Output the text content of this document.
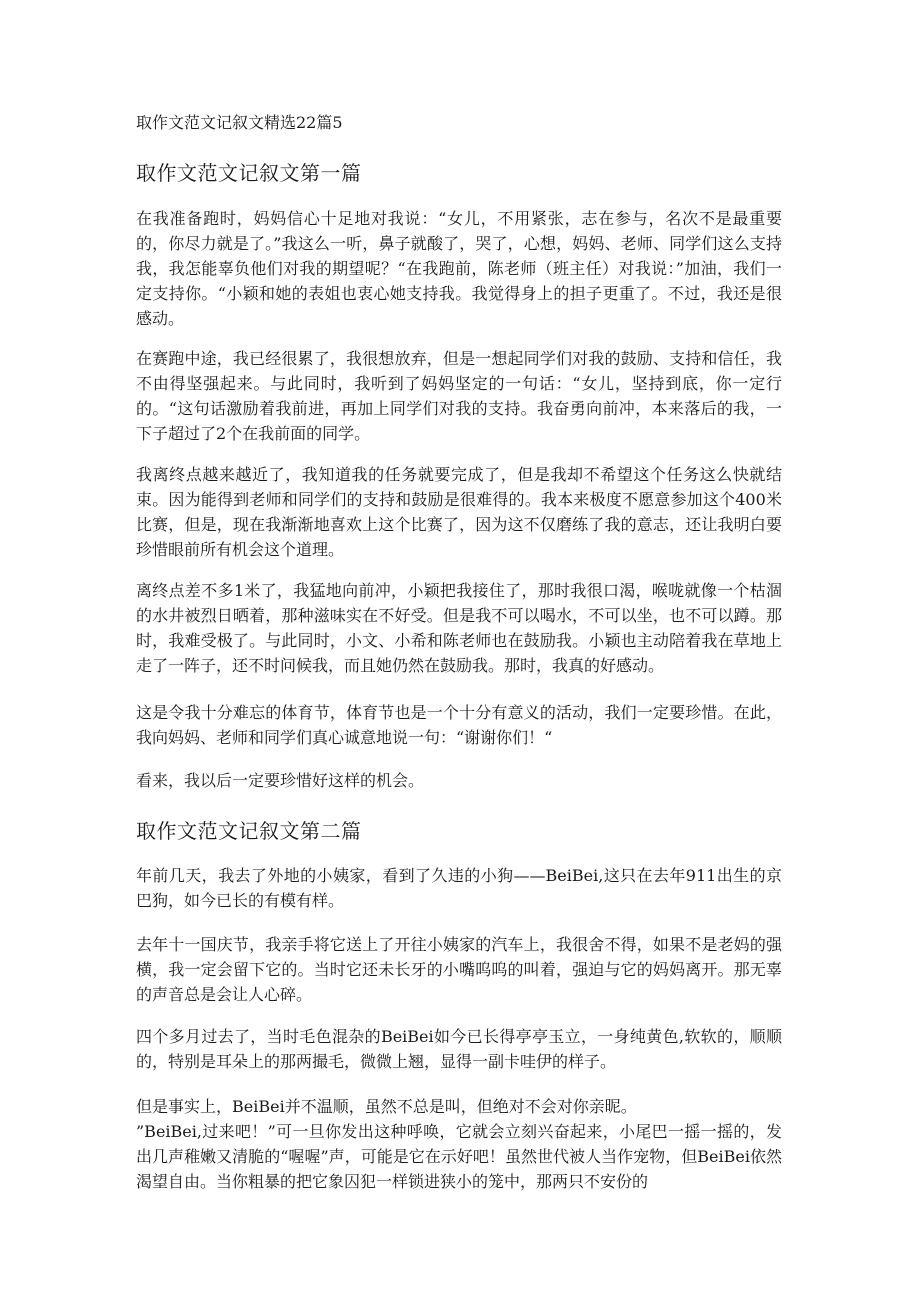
取作文范文记叙文精选22篇5

取作文范文记叙文第一篇

在我准备跑时，妈妈信心十足地对我说：“女儿，不用紧张，志在参与，名次不是最重要的，你尽力就是了。”我这么一听，鼻子就酸了，哭了，心想，妈妈、老师、同学们这么支持我，我怎能辜负他们对我的期望呢？“在我跑前，陈老师（班主任）对我说：”加油，我们一定支持你。“小颖和她的表姐也衷心她支持我。我觉得身上的担子更重了。不过，我还是很感动。

在赛跑中途，我已经很累了，我很想放弃，但是一想起同学们对我的鼓励、支持和信任，我不由得坚强起来。与此同时，我听到了妈妈坚定的一句话：“女儿，坚持到底，你一定行的。“这句话激励着我前进，再加上同学们对我的支持。我奋勇向前冲，本来落后的我，一下子超过了2个在我前面的同学。

我离终点越来越近了，我知道我的任务就要完成了，但是我却不希望这个任务这么快就结束。因为能得到老师和同学们的支持和鼓励是很难得的。我本来极度不愿意参加这个400米比赛，但是，现在我渐渐地喜欢上这个比赛了，因为这不仅磨练了我的意志，还让我明白要珍惜眼前所有机会这个道理。

离终点差不多1米了，我猛地向前冲，小颖把我接住了，那时我很口渴，喉咙就像一个枯涸的水井被烈日晒着，那种滋味实在不好受。但是我不可以喝水，不可以坐，也不可以蹲。那时，我难受极了。与此同时，小文、小希和陈老师也在鼓励我。小颖也主动陪着我在草地上走了一阵子，还不时问候我，而且她仍然在鼓励我。那时，我真的好感动。

这是令我十分难忘的体育节，体育节也是一个十分有意义的活动，我们一定要珍惜。在此，我向妈妈、老师和同学们真心诚意地说一句：“谢谢你们！“

看来，我以后一定要珍惜好这样的机会。

取作文范文记叙文第二篇

年前几天，我去了外地的小姨家，看到了久违的小狗——BeiBei,这只在去年911出生的京巴狗，如今已长的有模有样。

去年十一国庆节，我亲手将它送上了开往小姨家的汽车上，我很舍不得，如果不是老妈的强横，我一定会留下它的。当时它还未长牙的小嘴呜呜的叫着，强迫与它的妈妈离开。那无辜的声音总是会让人心碎。

四个多月过去了，当时毛色混杂的BeiBei如今已长得亭亭玉立，一身纯黄色,软软的，顺顺的，特别是耳朵上的那两撮毛，微微上翘，显得一副卡哇伊的样子。

但是事实上，BeiBei并不温顺，虽然不总是叫，但绝对不会对你亲昵。
”BeiBei,过来吧！”可一旦你发出这种呼唤，它就会立刻兴奋起来，小尾巴一摇一摇的，发出几声稚嫩又清脆的“喔喔”声，可能是它在示好吧！虽然世代被人当作宠物，但BeiBei依然渴望自由。当你粗暴的把它象囚犯一样锁进狭小的笼中，那两只不安份的
